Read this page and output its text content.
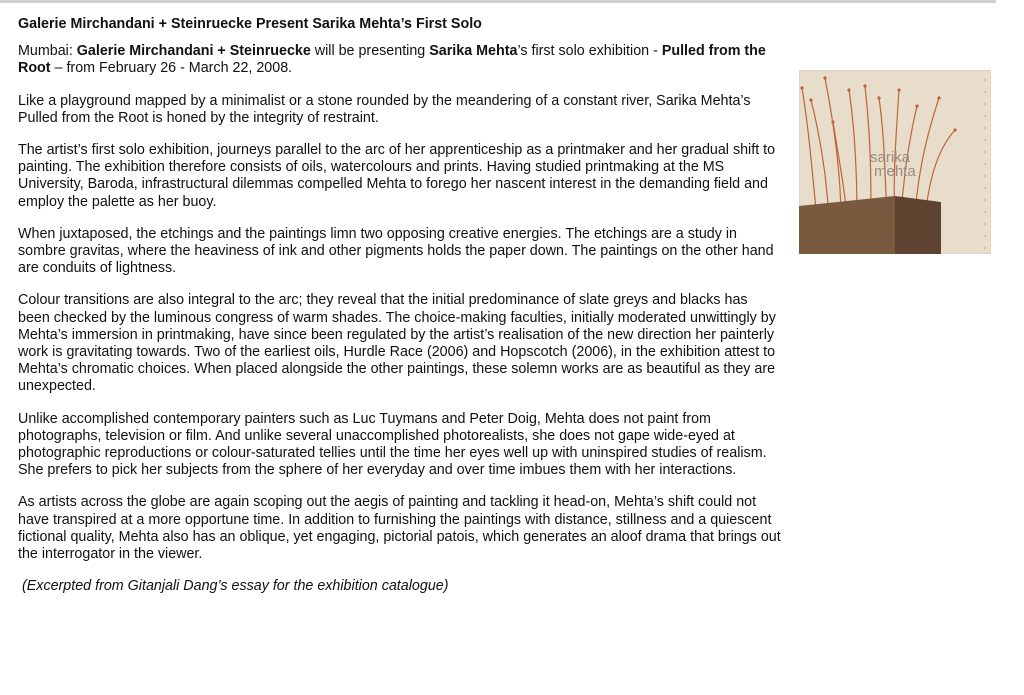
Galerie Mirchandani + Steinruecke Present Sarika Mehta’s First Solo

Mumbai: Galerie Mirchandani + Steinruecke will be presenting Sarika Mehta’s first solo exhibition - Pulled from the Root – from February 26 - March 22, 2008.

Like a playground mapped by a minimalist or a stone rounded by the meandering of a constant river, Sarika Mehta’s Pulled from the Root is honed by the integrity of restraint.

The artist’s first solo exhibition, journeys parallel to the arc of her apprenticeship as a printmaker and her gradual shift to painting. The exhibition therefore consists of oils, watercolours and prints. Having studied printmaking at the MS University, Baroda, infrastructural dilemmas compelled Mehta to forego her nascent interest in the demanding field and employ the palette as her buoy.

When juxtaposed, the etchings and the paintings limn two opposing creative energies. The etchings are a study in sombre gravitas, where the heaviness of ink and other pigments holds the paper down. The paintings on the other hand are conduits of lightness.

Colour transitions are also integral to the arc; they reveal that the initial predominance of slate greys and blacks has been checked by the luminous congress of warm shades. The choice-making faculties, initially moderated unwittingly by Mehta’s immersion in printmaking, have since been regulated by the artist’s realisation of the new direction her painterly work is gravitating towards. Two of the earliest oils, Hurdle Race (2006) and Hopscotch (2006), in the exhibition attest to Mehta’s chromatic choices. When placed alongside the other paintings, these solemn works are as beautiful as they are unexpected.

Unlike accomplished contemporary painters such as Luc Tuymans and Peter Doig, Mehta does not paint from photographs, television or film. And unlike several unaccomplished photorealists, she does not gape wide-eyed at photographic reproductions or colour-saturated tellies until the time her eyes well up with uninspired studies of realism. She prefers to pick her subjects from the sphere of her everyday and over time imbues them with her interactions.

As artists across the globe are again scoping out the aegis of painting and tackling it head-on, Mehta’s shift could not have transpired at a more opportune time. In addition to furnishing the paintings with distance, stillness and a quiescent fictional quality, Mehta also has an oblique, yet engaging, pictorial patois, which generates an aloof drama that brings out the interrogator in the viewer.

(Excerpted from Gitanjali Dang’s essay for the exhibition catalogue)

sarika
mehta
